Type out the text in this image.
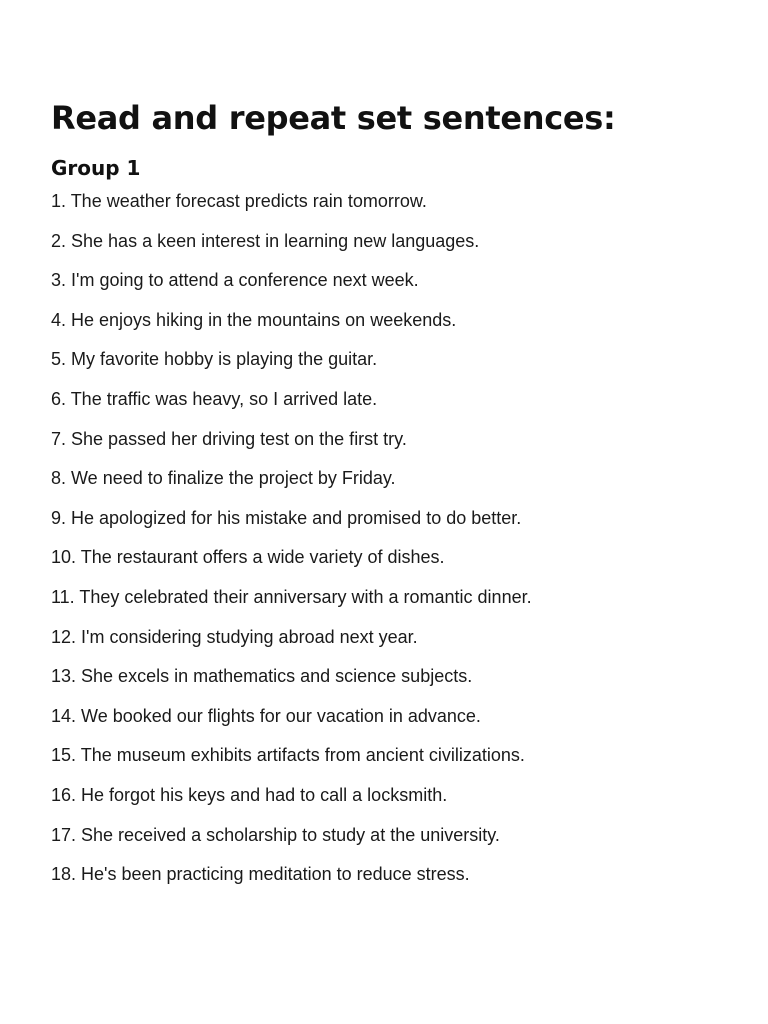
Read and repeat set sentences:
Group 1
1. The weather forecast predicts rain tomorrow.
2. She has a keen interest in learning new languages.
3. I'm going to attend a conference next week.
4. He enjoys hiking in the mountains on weekends.
5. My favorite hobby is playing the guitar.
6. The traffic was heavy, so I arrived late.
7. She passed her driving test on the first try.
8. We need to finalize the project by Friday.
9. He apologized for his mistake and promised to do better.
10. The restaurant offers a wide variety of dishes.
11. They celebrated their anniversary with a romantic dinner.
12. I'm considering studying abroad next year.
13. She excels in mathematics and science subjects.
14. We booked our flights for our vacation in advance.
15. The museum exhibits artifacts from ancient civilizations.
16. He forgot his keys and had to call a locksmith.
17. She received a scholarship to study at the university.
18. He's been practicing meditation to reduce stress.
